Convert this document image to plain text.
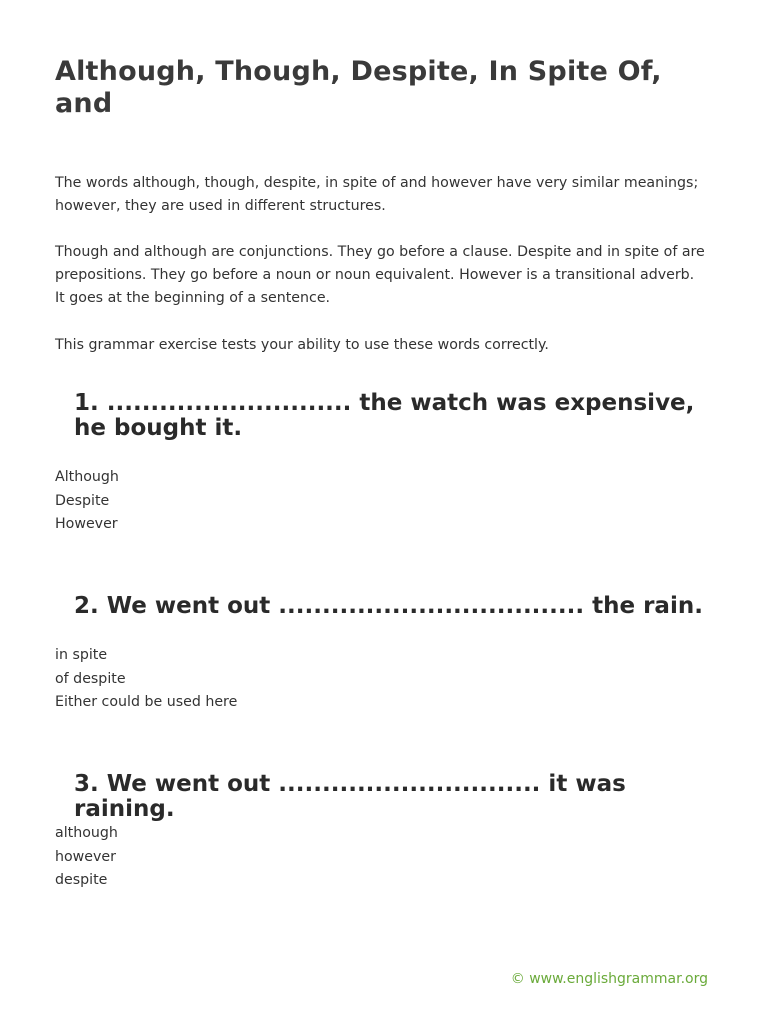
Although, Though, Despite, In Spite Of, and

The words although, though, despite, in spite of and however have very similar meanings; however, they are used in different structures.

Though and although are conjunctions. They go before a clause. Despite and in spite of are prepositions. They go before a noun or noun equivalent. However is a transitional adverb. It goes at the beginning of a sentence.

This grammar exercise tests your ability to use these words correctly.

1. ............................ the watch was expensive, he bought it.
Although
Despite
However
2. We went out ................................... the rain.
in spite
of despite
Either could be used here
3. We went out .............................. it was raining.
although
however
despite
© www.englishgrammar.org
